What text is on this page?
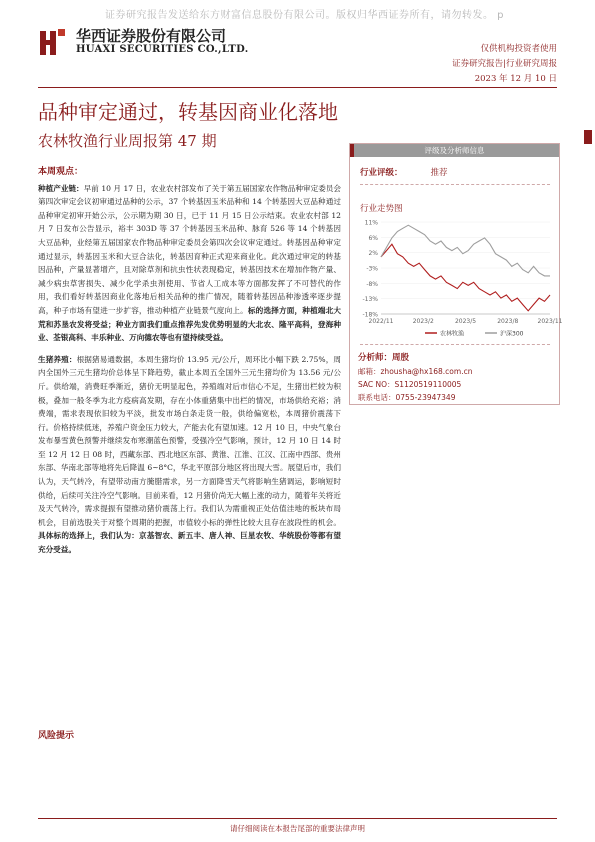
证券研究报告发送给东方财富信息股份有限公司。版权归华西证券所有，请勿转发。 p
华西证券股份有限公司
HUAXI SECURITIES CO.,LTD.	仅供机构投资者使用
证券研究报告|行业研究周报
2023 年 12 月 10 日
品种审定通过，转基因商业化落地
农林牧渔行业周报第 47 期
本周观点：

种植产业链：早前 10 月 17 日，农业农村部发布了关于第五届国家农作物品种审定委员会第四次审定会议初审通过品种的公示，37 个转基因玉米品种和 14 个转基因大豆品种通过品种审定初审开始公示，公示期为期 30 日，已于 11 月 15 日公示结束。农业农村部 12 月 7 日发布公告显示，裕丰 303D 等 37 个转基因玉米品种、脉育 526 等 14 个转基因大豆品种，业经第五届国家农作物品种审定委员会第四次会议审定通过。转基因品种审定通过显示，转基因玉米和大豆合法化，转基因育种正式迎来商业化。此次通过审定的转基因品种，产量显著增产，且对除草剂和抗虫性状表现稳定，转基因技术在增加作物产量、减少病虫草害损失、减少化学杀虫剂使用、节省人工成本等方面都发挥了不可替代的作用，我们看好转基因商业化落地后相关品种的推广情况，随着转基因品种渗透率逐步提高，种子市场有望进一步扩容，推动种植产业链景气度向上。标的选择方面，种植端北大荒和苏垦农发将受益；种业方面我们重点推荐先发优势明显的大北农、隆平高科，登海种业、荃银高科、丰乐种业、万向德农等也有望持续受益。

生猪养殖：根据猪易通数据，本周生猪均价 13.95 元/公斤，周环比小幅下跌 2.75%，周内全国外三元生猪均价总体呈下降趋势，截止本周五全国外三元生猪均价为 13.56 元/公斤。供给端，消费旺季渐近，猪价无明显起色，养殖端对后市信心不足，生猪出栏较为积极，叠加一般冬季为北方疫病高发期，存在小体重猪集中出栏的情况，市场供给充裕；消费端，需求表现依旧较为平淡，批发市场白条走货一般，供给偏宽松，本周猪价震荡下行。价格持续低迷，养殖户资金压力较大，产能去化有望加速。12 月 10 日，中央气象台发布暴雪黄色预警并继续发布寒潮蓝色预警，受强冷空气影响，预计，12 月 10 日 14 时至 12 月 12 日 08 时，西藏东部、西北地区东部、黄淮、江淮、江汉、江南中西部、贵州东部、华南北部等地将先后降温 6~8°C，华北平原部分地区将出现大雪。展望后市，我们认为，天气转冷，有望带动南方腌腊需求，另一方面降雪天气将影响生猪调运，影响短时供给，后续可关注冷空气影响。目前来看，12 月猪价尚无大幅上涨的动力，随着年关将近及天气转冷，需求提振有望推动猪价震荡上行。我们认为需重视正处估值洼地的板块布局机会，目前选股关于对整个周期的把握，市值较小标的弹性比较大且存在波段性的机会。具体标的选择上，我们认为：京基智农、新五丰、唐人神、巨星农牧、华统股份等都有望充分受益。

风险提示
评级及分析师信息
行业评级：	推荐
行业走势图
11%
6%
2%
-3%
-8%
-13%
-18%
2022/11	2023/2	2023/5	2023/8	2023/11
农林牧渔	沪深300
分析师：周殷
邮箱：zhousha@hx168.com.cn
SAC NO：S1120519110005
联系电话：0755-23947349
请仔细阅读在本报告尾部的重要法律声明
